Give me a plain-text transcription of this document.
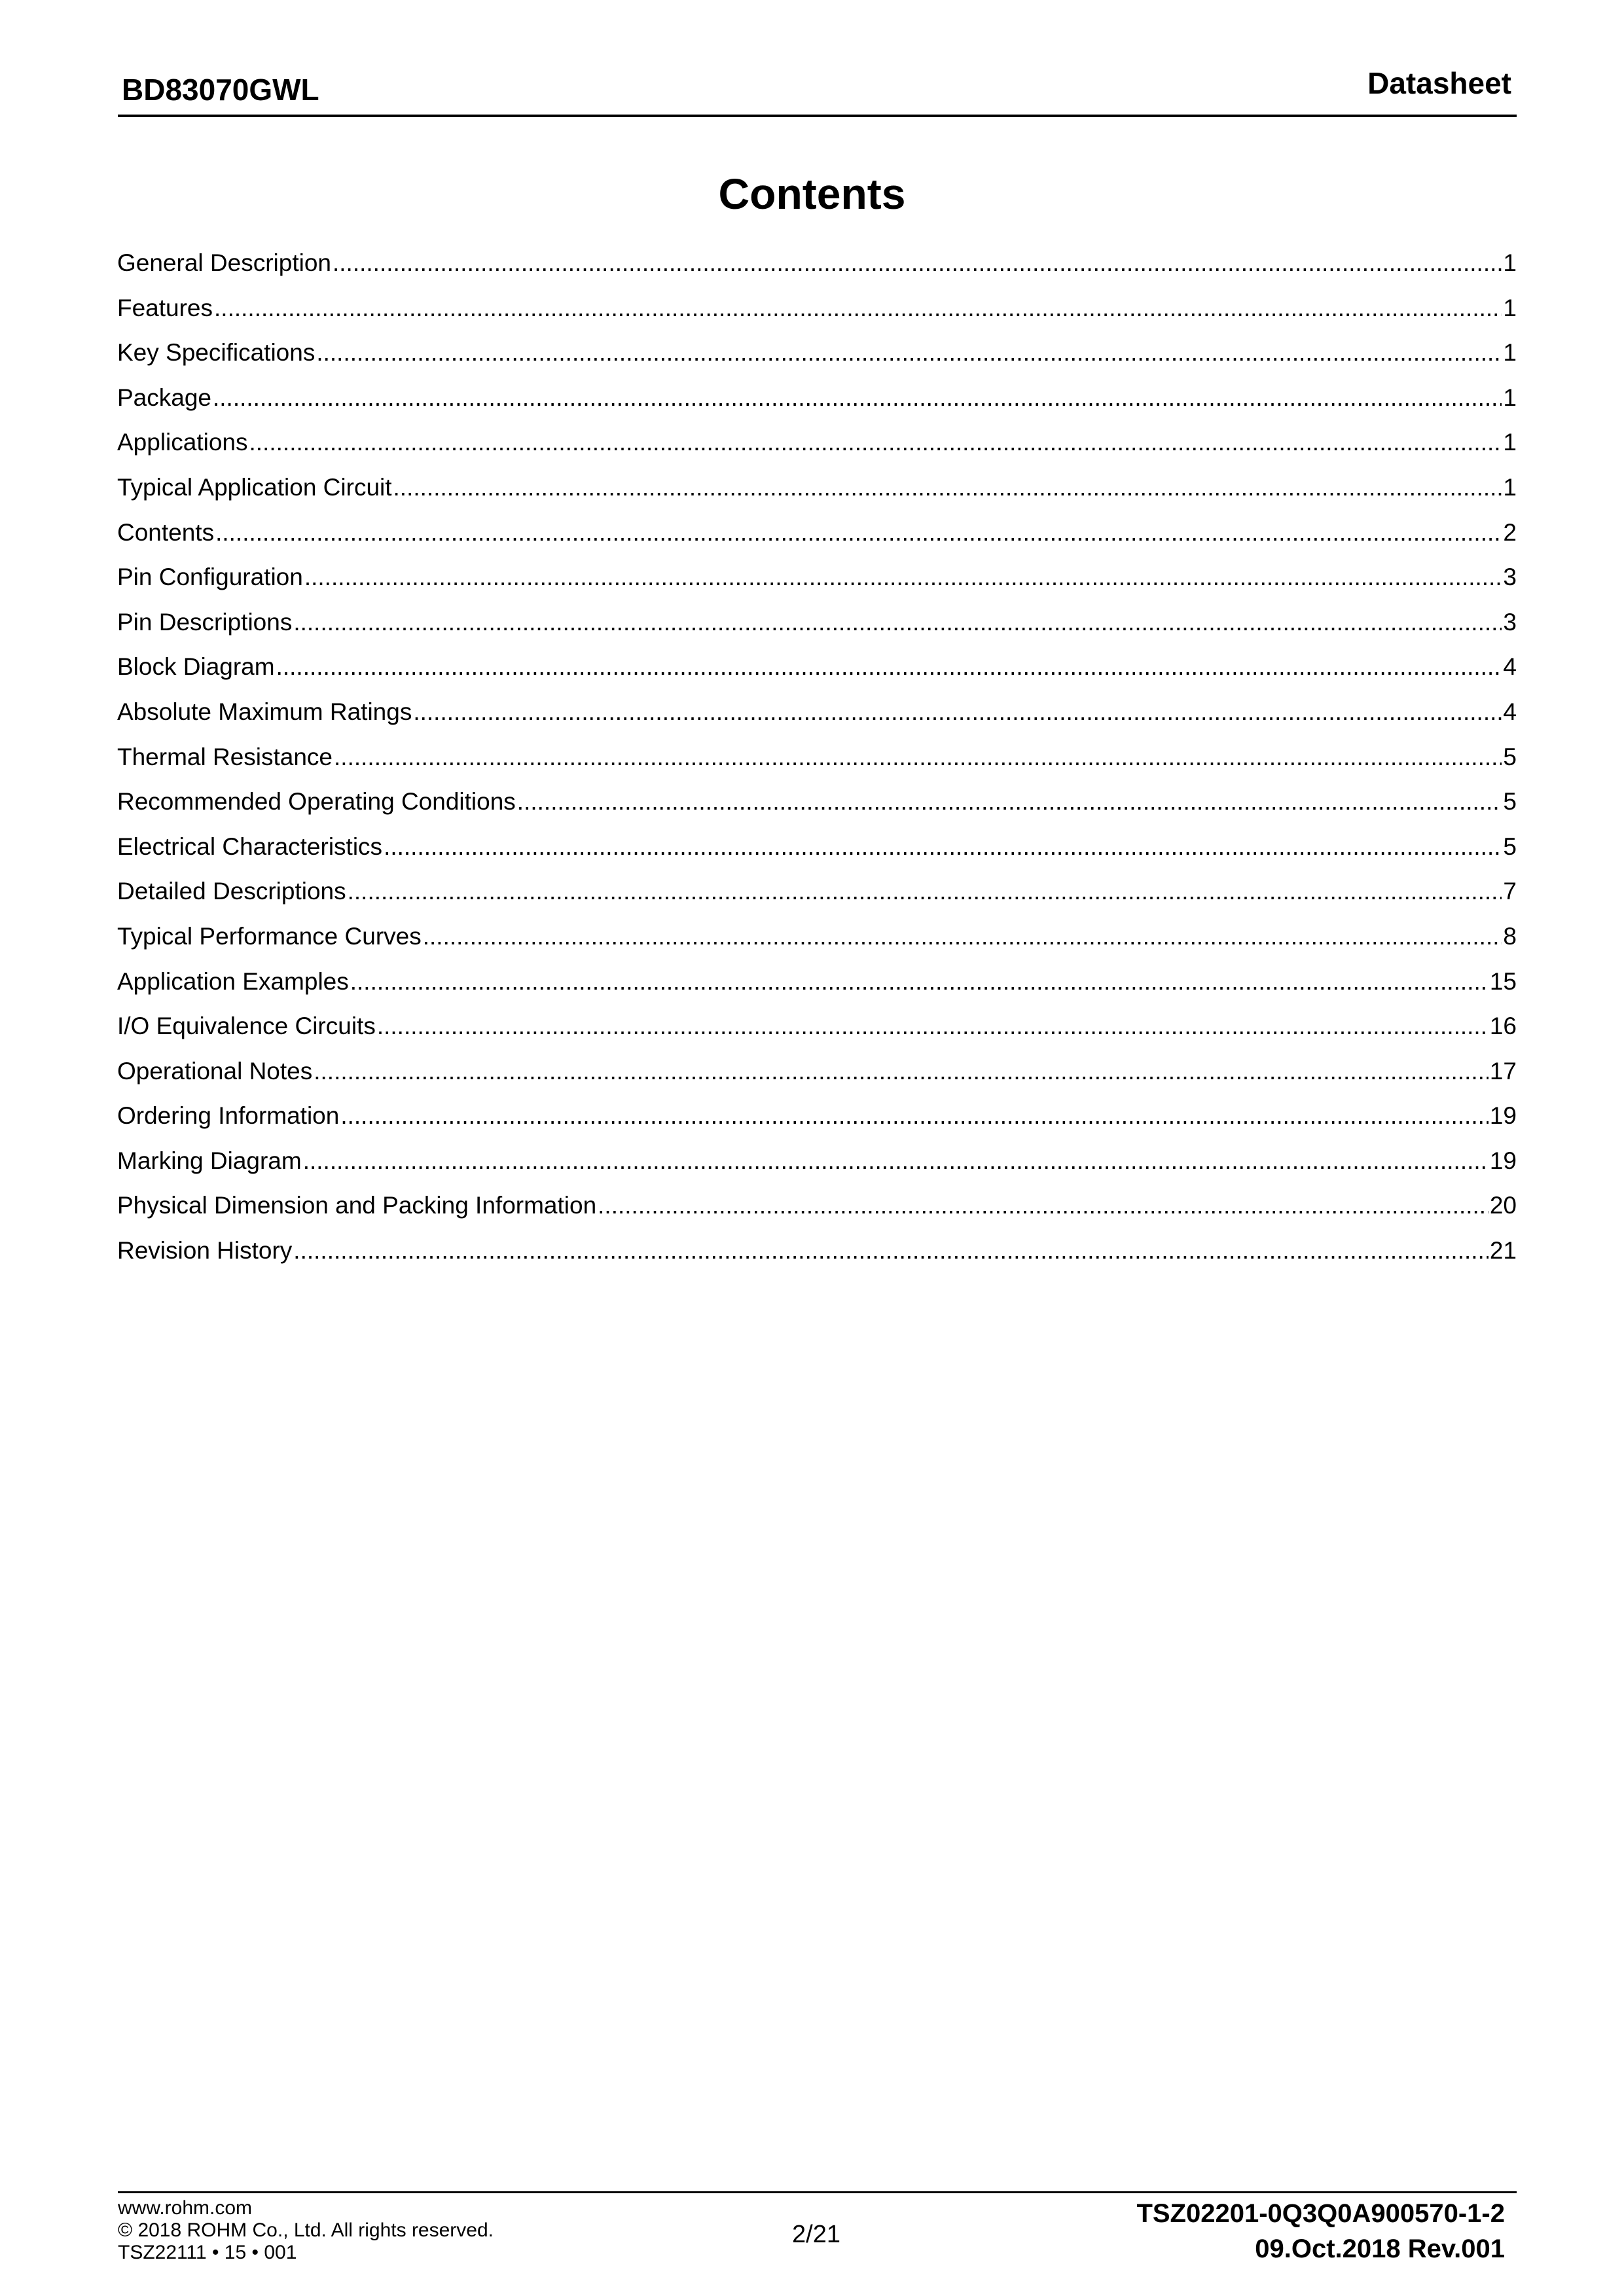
BD83070GWL	Datasheet
Contents
General Description .....	1
Features .....	1
Key Specifications .....	1
Package .....	1
Applications .....	1
Typical Application Circuit .....	1
Contents .....	2
Pin Configuration .....	3
Pin Descriptions .....	3
Block Diagram .....	4
Absolute Maximum Ratings .....	4
Thermal Resistance .....	5
Recommended Operating Conditions .....	5
Electrical Characteristics .....	5
Detailed Descriptions .....	7
Typical Performance Curves .....	8
Application Examples .....	15
I/O Equivalence Circuits .....	16
Operational Notes .....	17
Ordering Information .....	19
Marking Diagram .....	19
Physical Dimension and Packing Information .....	20
Revision History .....	21
www.rohm.com
© 2018 ROHM Co., Ltd. All rights reserved.
TSZ22111 • 15 • 001
2/21
TSZ02201-0Q3Q0A900570-1-2
09.Oct.2018 Rev.001
